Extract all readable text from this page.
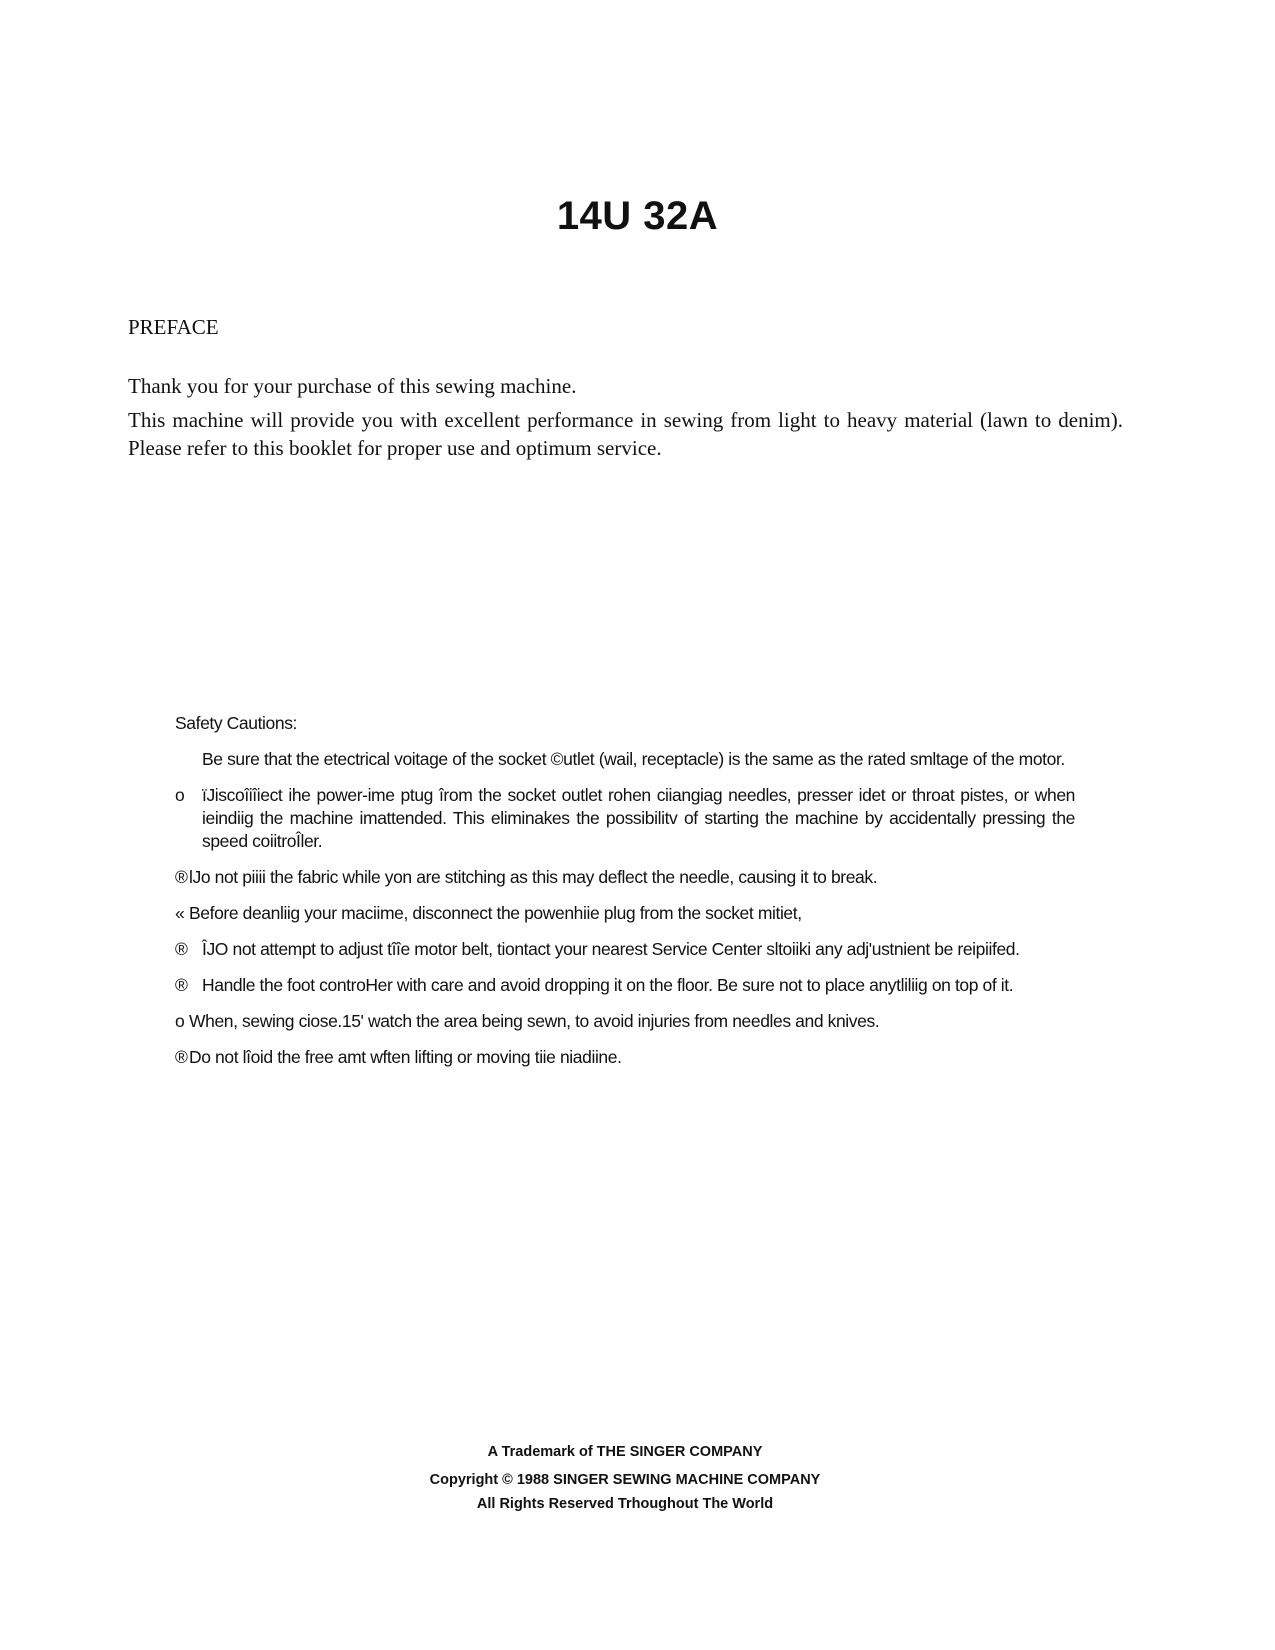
14U 32A
PREFACE

Thank you for your purchase of this sewing machine.

This machine will provide you with excellent performance in sewing from light to heavy material (lawn to denim). Please refer to this booklet for proper use and optimum service.

Safety Cautions:
Be sure that the etectrical voitage of the socket ©utlet (wail, receptacle) is the same as the rated smltage of the motor.
o ïJiscoîiîiect ihe power-ime ptug îrom the socket outlet rohen ciiangiag needles, presser idet or throat pistes, or when ieindiig the machine imattended. This eliminakes the possibilitv of starting the machine by accidentally pressing the speed coiitroÎler.
® lJo not piiii the fabric while yon are stitching as this may deflect the needle, causing it to break.
« Before deanliig your maciime, disconnect the powenhiie plug from the socket mitiet,
® ÎJO not attempt to adjust tîîe motor belt, tiontact your nearest Service Center sltoiiki any adj'ustnient be reipiifed.
® Handle the foot controHer with care and avoid dropping it on the floor. Be sure not to place anytliliig on top of it.
o When, sewing ciose.15' watch the area being sewn, to avoid injuries from needles and knives.
® Do not lîoid the free amt wften lifting or moving tiie niadiine.
A Trademark of THE SINGER COMPANY
Copyright © 1988 SINGER SEWING MACHINE COMPANY
All Rights Reserved Trhoughout The World
